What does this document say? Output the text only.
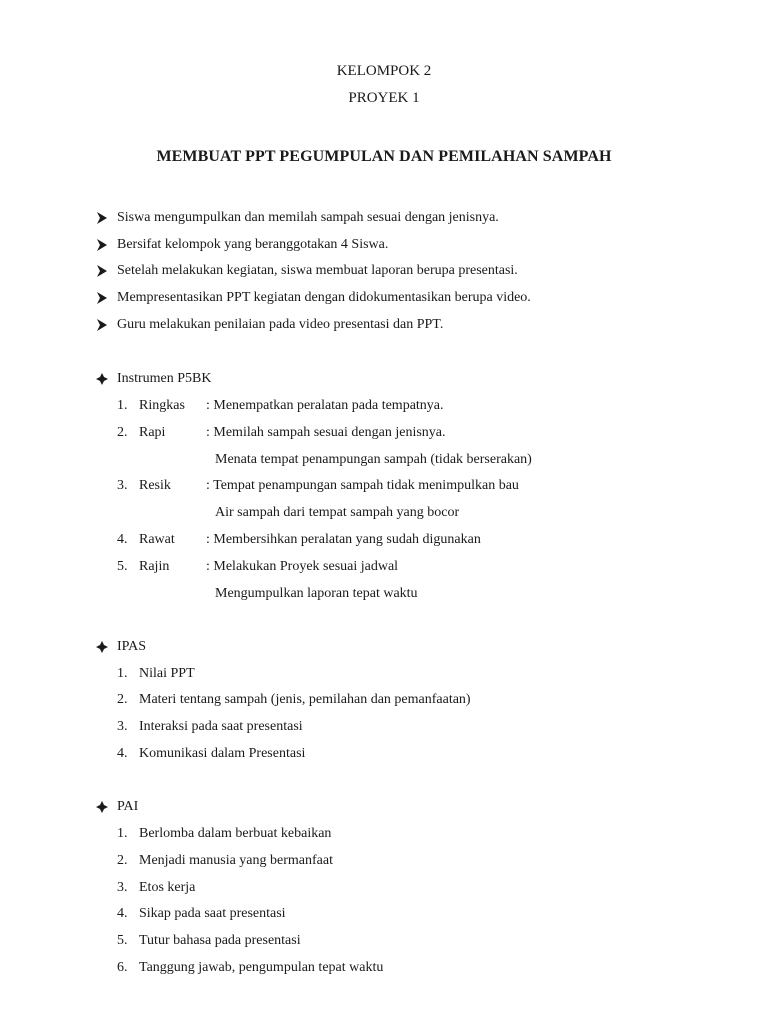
KELOMPOK 2
PROYEK 1
MEMBUAT PPT PEGUMPULAN DAN PEMILAHAN SAMPAH
Siswa mengumpulkan dan memilah sampah sesuai dengan jenisnya.
Bersifat kelompok yang beranggotakan 4 Siswa.
Setelah melakukan kegiatan, siswa membuat laporan berupa presentasi.
Mempresentasikan PPT kegiatan dengan didokumentasikan berupa video.
Guru melakukan penilaian pada video presentasi dan PPT.
Instrumen P5BK
1. Ringkas : Menempatkan peralatan pada tempatnya.
2. Rapi	: Memilah sampah sesuai dengan jenisnya.
Menata tempat penampungan sampah (tidak berserakan)
3. Resik	: Tempat penampungan sampah tidak menimpulkan bau
Air sampah dari tempat sampah yang bocor
4. Rawat : Membersihkan peralatan yang sudah digunakan
5. Rajin	: Melakukan Proyek sesuai jadwal
Mengumpulkan laporan tepat waktu
IPAS
1. Nilai PPT
2. Materi tentang sampah (jenis, pemilahan dan pemanfaatan)
3. Interaksi pada saat presentasi
4. Komunikasi dalam Presentasi
PAI
1. Berlomba dalam berbuat kebaikan
2. Menjadi manusia yang bermanfaat
3. Etos kerja
4. Sikap pada saat presentasi
5. Tutur bahasa pada presentasi
6. Tanggung jawab, pengumpulan tepat waktu
